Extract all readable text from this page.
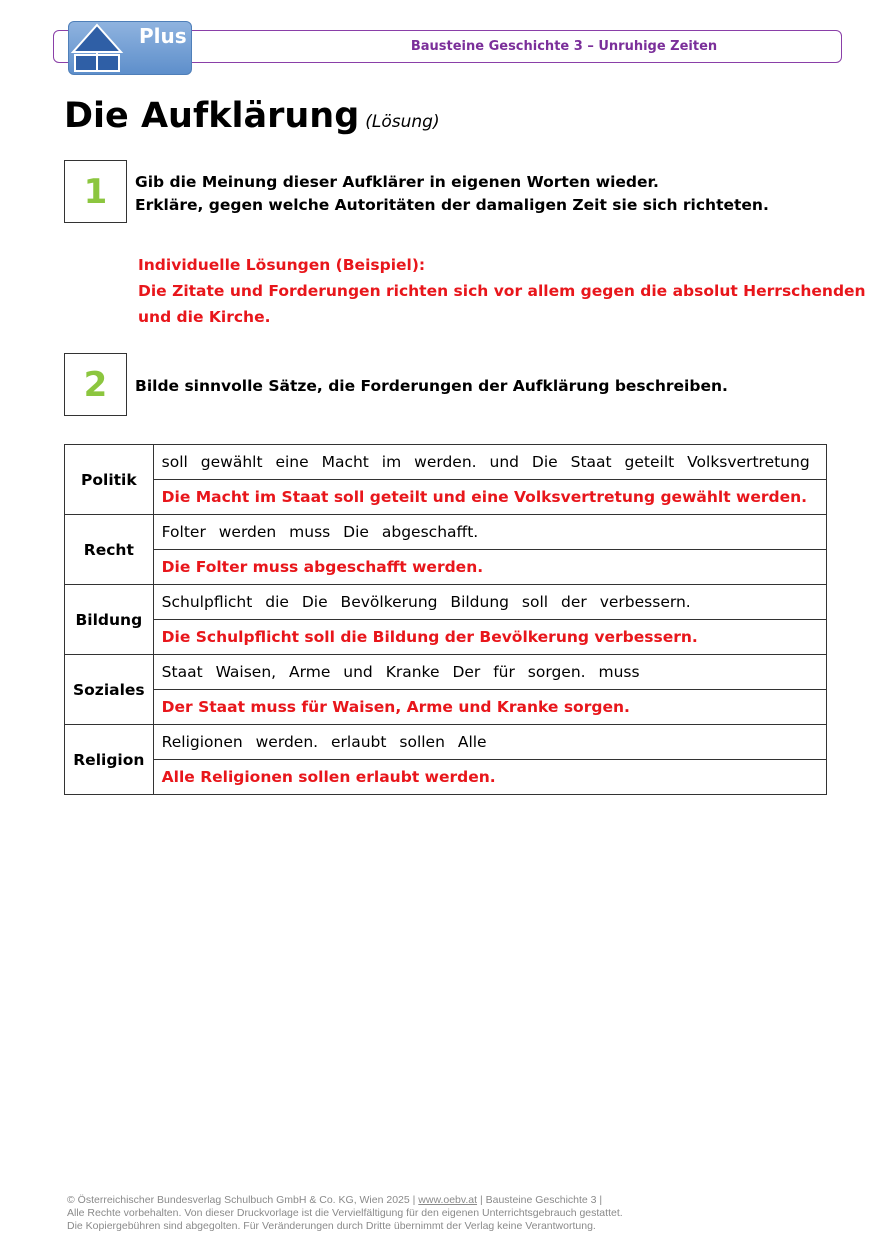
Bausteine Geschichte 3 – Unruhige Zeiten
Plus
Die Aufklärung (Lösung)
1	Gib die Meinung dieser Aufklärer in eigenen Worten wieder.
Erkläre, gegen welche Autoritäten der damaligen Zeit sie sich richteten.
Individuelle Lösungen (Beispiel):
Die Zitate und Forderungen richten sich vor allem gegen die absolut Herrschenden
und die Kirche.
2	Bilde sinnvolle Sätze, die Forderungen der Aufklärung beschreiben.
Politik	soll gewählt eine Macht im werden. und Die Staat geteilt Volksvertretung
	Die Macht im Staat soll geteilt und eine Volksvertretung gewählt werden.
Recht	Folter werden muss Die abgeschafft.
	Die Folter muss abgeschafft werden.
Bildung	Schulpflicht die Die Bevölkerung Bildung soll der verbessern.
	Die Schulpflicht soll die Bildung der Bevölkerung verbessern.
Soziales	Staat Waisen, Arme und Kranke Der für sorgen. muss
	Der Staat muss für Waisen, Arme und Kranke sorgen.
Religion	Religionen werden. erlaubt sollen Alle
	Alle Religionen sollen erlaubt werden.
© Österreichischer Bundesverlag Schulbuch GmbH & Co. KG, Wien 2025 | www.oebv.at | Bausteine Geschichte 3 |
Alle Rechte vorbehalten. Von dieser Druckvorlage ist die Vervielfältigung für den eigenen Unterrichtsgebrauch gestattet.
Die Kopiergebühren sind abgegolten. Für Veränderungen durch Dritte übernimmt der Verlag keine Verantwortung.
